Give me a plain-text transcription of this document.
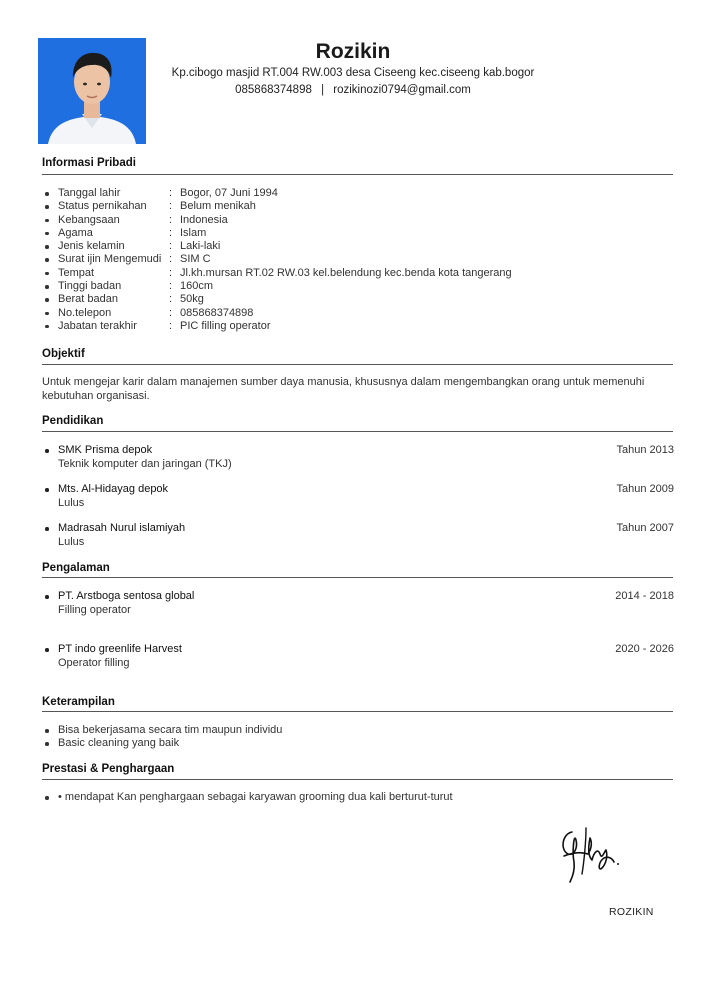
Rozikin
Kp.cibogo masjid RT.004 RW.003 desa Ciseeng kec.ciseeng kab.bogor
085868374898 | rozikinozi0794@gmail.com
Informasi Pribadi
Tanggal lahir	: Bogor, 07 Juni 1994
Status pernikahan : Belum menikah
Kebangsaan	: Indonesia
Agama	: Islam
Jenis kelamin	: Laki-laki
Surat ijin Mengemudi : SIM C
Tempat	: Jl.kh.mursan RT.02 RW.03 kel.belendung kec.benda kota tangerang
Tinggi badan	: 160cm
Berat badan	: 50kg
No.telepon	: 085868374898
Jabatan terakhir	: PIC filling operator
Objektif
Untuk mengejar karir dalam manajemen sumber daya manusia, khususnya dalam mengembangkan orang untuk memenuhi kebutuhan organisasi.
Pendidikan
SMK Prisma depok
Teknik komputer dan jaringan (TKJ)
Tahun 2013
Mts. Al-Hidayag depok
Lulus
Tahun 2009
Madrasah Nurul islamiyah
Lulus
Tahun 2007
Pengalaman
PT. Arstboga sentosa global
Filling operator
2014 - 2018
PT indo greenlife Harvest
Operator filling
2020 - 2026
Keterampilan
Bisa bekerjasama secara tim maupun individu
Basic cleaning yang baik
Prestasi & Penghargaan
• mendapat Kan penghargaan sebagai karyawan grooming dua kali berturut-turut
ROZIKIN
